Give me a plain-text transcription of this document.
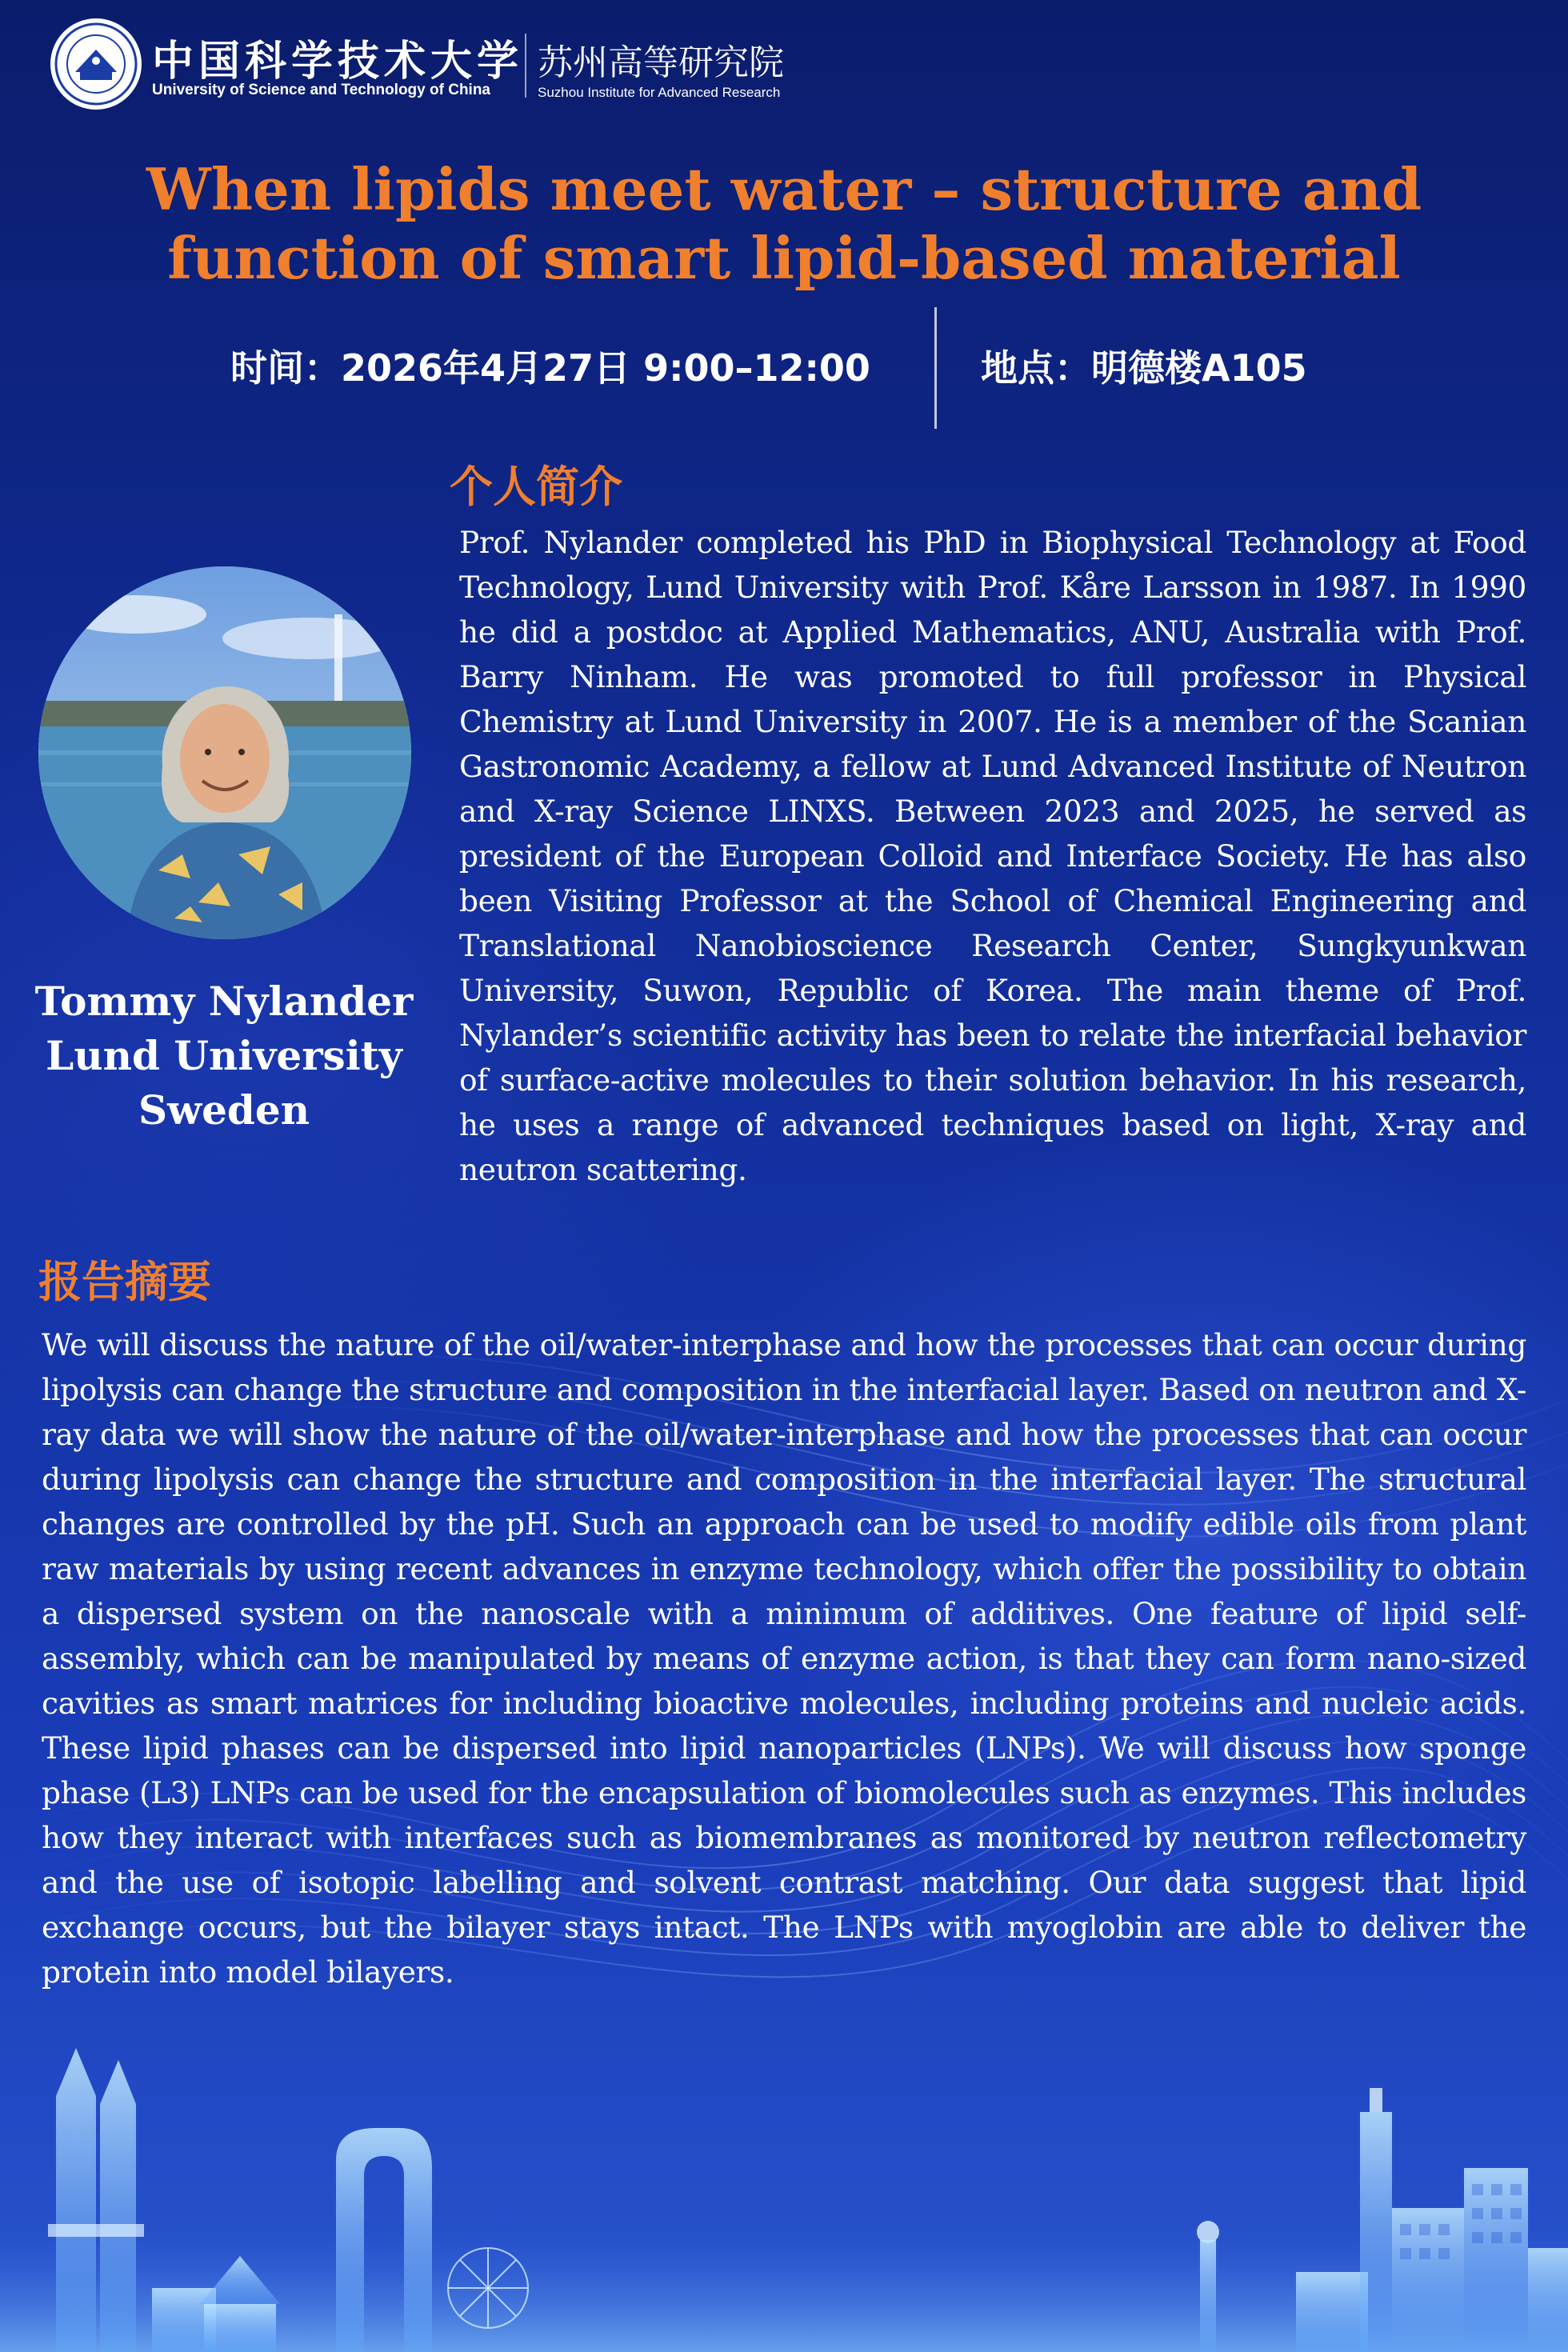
中国科学技术大学
University of Science and Technology of China
苏州高等研究院
Suzhou Institute for Advanced Research
When lipids meet water – structure and
function of smart lipid-based material
时间：2026年4月27日 9:00–12:00	地点：明德楼A105
Tommy Nylander
Lund University
Sweden
个人简介
Prof. Nylander completed his PhD in Biophysical Technology at Food Technology, Lund University with Prof. Kåre Larsson in 1987. In 1990 he did a postdoc at Applied Mathematics, ANU, Australia with Prof. Barry Ninham. He was promoted to full professor in Physical Chemistry at Lund University in 2007. He is a member of the Scanian Gastronomic Academy, a fellow at Lund Advanced Institute of Neutron and X-ray Science LINXS. Between 2023 and 2025, he served as president of the European Colloid and Interface Society. He has also been Visiting Professor at the School of Chemical Engineering and Translational Nanobioscience Research Center, Sungkyunkwan University, Suwon, Republic of Korea. The main theme of Prof. Nylander’s scientific activity has been to relate the interfacial behavior of surface-active molecules to their solution behavior. In his research, he uses a range of advanced techniques based on light, X-ray and neutron scattering.
报告摘要
We will discuss the nature of the oil/water-interphase and how the processes that can occur during lipolysis can change the structure and composition in the interfacial layer. Based on neutron and X-ray data we will show the nature of the oil/water-interphase and how the processes that can occur during lipolysis can change the structure and composition in the interfacial layer. The structural changes are controlled by the pH. Such an approach can be used to modify edible oils from plant raw materials by using recent advances in enzyme technology, which offer the possibility to obtain a dispersed system on the nanoscale with a minimum of additives. One feature of lipid self-assembly, which can be manipulated by means of enzyme action, is that they can form nano-sized cavities as smart matrices for including bioactive molecules, including proteins and nucleic acids. These lipid phases can be dispersed into lipid nanoparticles (LNPs). We will discuss how sponge phase (L3) LNPs can be used for the encapsulation of biomolecules such as enzymes. This includes how they interact with interfaces such as biomembranes as monitored by neutron reflectometry and the use of isotopic labelling and solvent contrast matching. Our data suggest that lipid exchange occurs, but the bilayer stays intact. The LNPs with myoglobin are able to deliver the protein into model bilayers.
